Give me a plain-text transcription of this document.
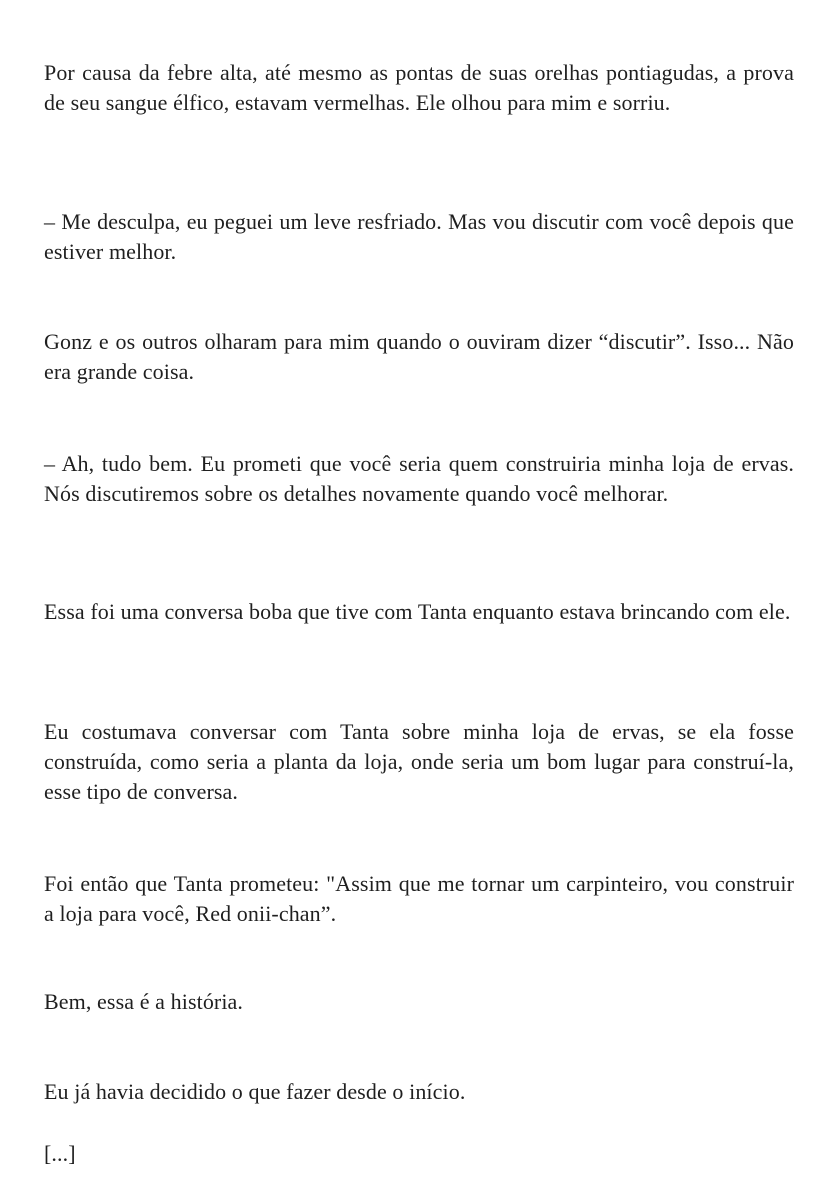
Por causa da febre alta, até mesmo as pontas de suas orelhas pontiagudas, a prova de seu sangue élfico, estavam vermelhas. Ele olhou para mim e sorriu.

– Me desculpa, eu peguei um leve resfriado. Mas vou discutir com você depois que estiver melhor.

Gonz e os outros olharam para mim quando o ouviram dizer “discutir”. Isso... Não era grande coisa.

– Ah, tudo bem. Eu prometi que você seria quem construiria minha loja de ervas. Nós discutiremos sobre os detalhes novamente quando você melhorar.

Essa foi uma conversa boba que tive com Tanta enquanto estava brincando com ele.

Eu costumava conversar com Tanta sobre minha loja de ervas, se ela fosse construída, como seria a planta da loja, onde seria um bom lugar para construí-la, esse tipo de conversa.

Foi então que Tanta prometeu: "Assim que me tornar um carpinteiro, vou construir a loja para você, Red onii-chan”.

Bem, essa é a história.

Eu já havia decidido o que fazer desde o início.

[...]
